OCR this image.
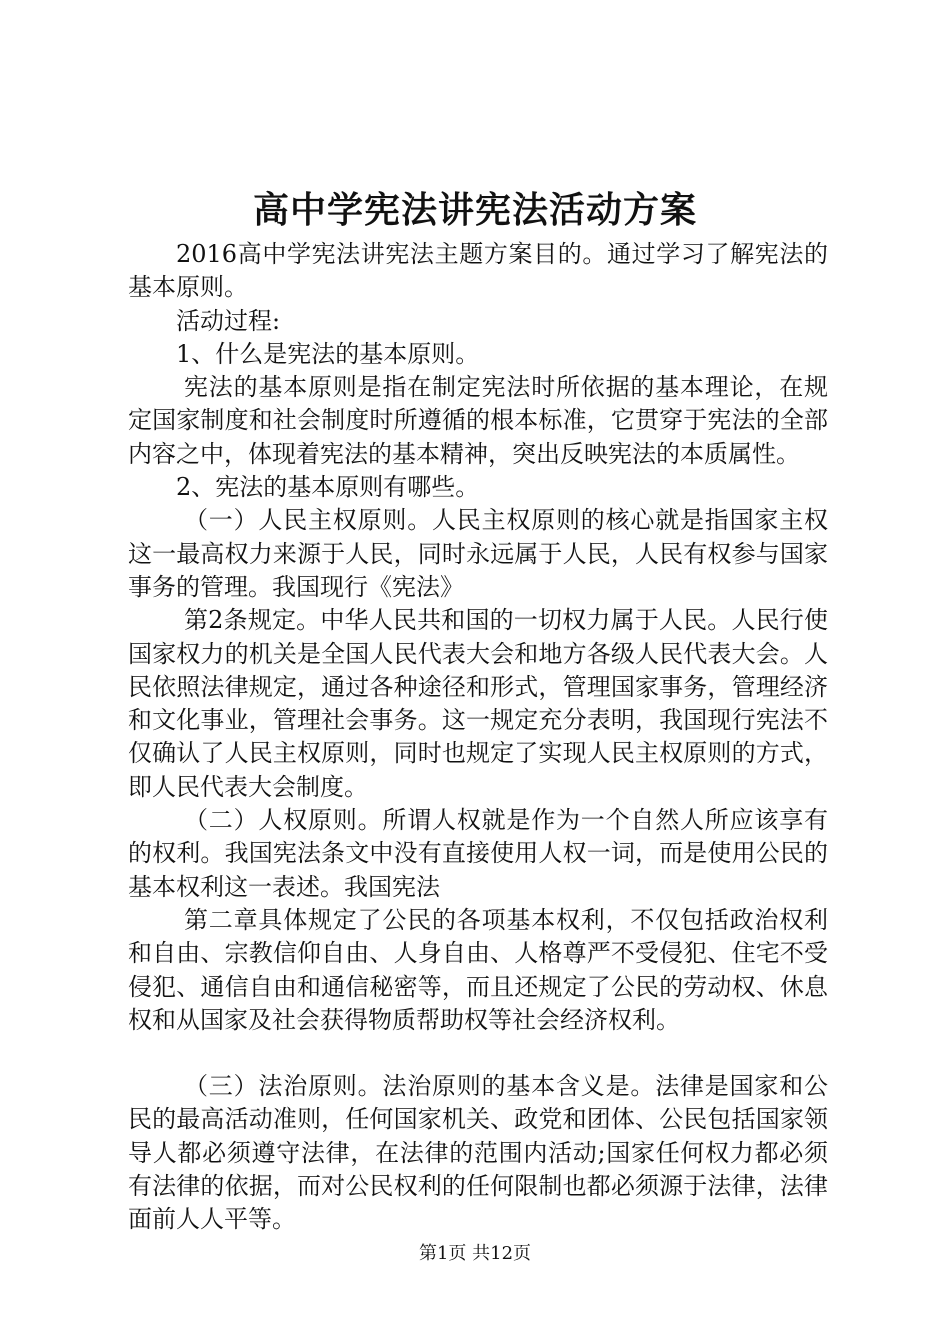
高中学宪法讲宪法活动方案

2016高中学宪法讲宪法主题方案目的。通过学习了解宪法的基本原则。

活动过程:

1、什么是宪法的基本原则。

宪法的基本原则是指在制定宪法时所依据的基本理论，在规定国家制度和社会制度时所遵循的根本标准，它贯穿于宪法的全部内容之中，体现着宪法的基本精神，突出反映宪法的本质属性。

2、宪法的基本原则有哪些。

（一）人民主权原则。人民主权原则的核心就是指国家主权这一最高权力来源于人民，同时永远属于人民，人民有权参与国家事务的管理。我国现行《宪法》

第2条规定。中华人民共和国的一切权力属于人民。人民行使国家权力的机关是全国人民代表大会和地方各级人民代表大会。人民依照法律规定，通过各种途径和形式，管理国家事务，管理经济和文化事业，管理社会事务。这一规定充分表明，我国现行宪法不仅确认了人民主权原则，同时也规定了实现人民主权原则的方式，即人民代表大会制度。

（二）人权原则。所谓人权就是作为一个自然人所应该享有的权利。我国宪法条文中没有直接使用人权一词，而是使用公民的基本权利这一表述。我国宪法

第二章具体规定了公民的各项基本权利，不仅包括政治权利和自由、宗教信仰自由、人身自由、人格尊严不受侵犯、住宅不受侵犯、通信自由和通信秘密等，而且还规定了公民的劳动权、休息权和从国家及社会获得物质帮助权等社会经济权利。

（三）法治原则。法治原则的基本含义是。法律是国家和公民的最高活动准则，任何国家机关、政党和团体、公民包括国家领导人都必须遵守法律，在法律的范围内活动;国家任何权力都必须有法律的依据，而对公民权利的任何限制也都必须源于法律，法律面前人人平等。

第1页 共12页
